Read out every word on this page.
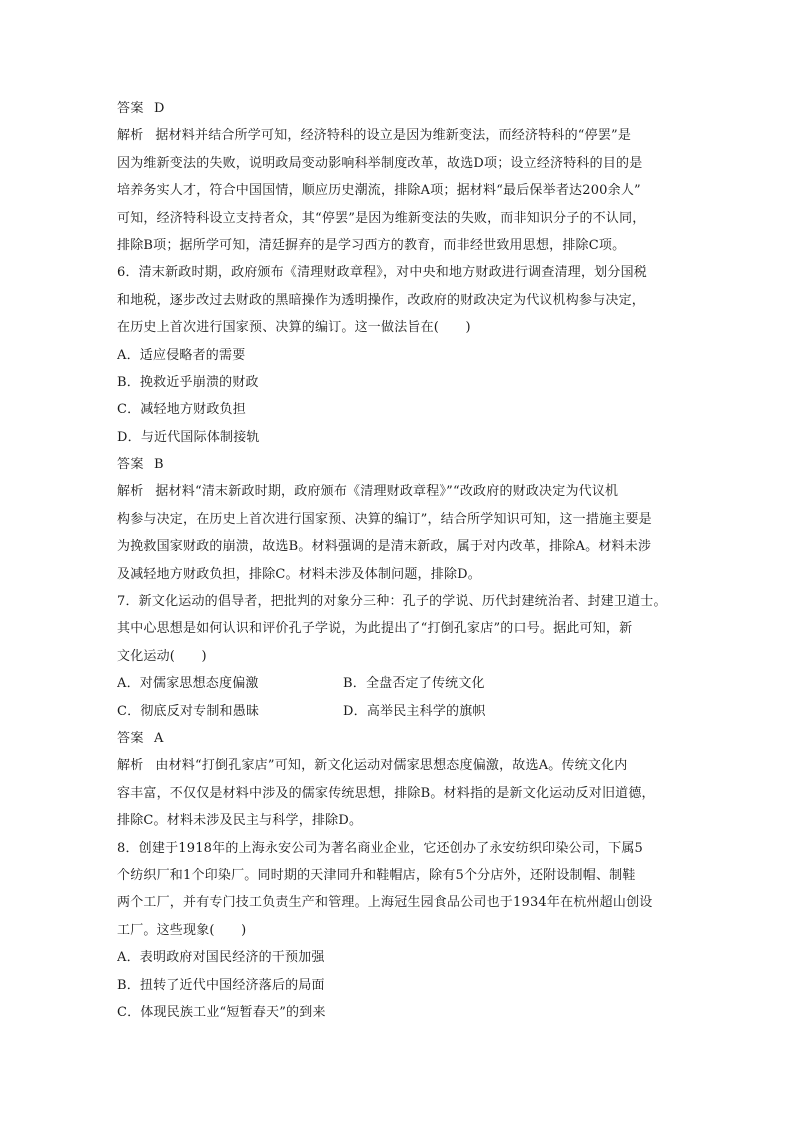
答案 D
解析 据材料并结合所学可知，经济特科的设立是因为维新变法，而经济特科的“停罢”是
因为维新变法的失败，说明政局变动影响科举制度改革，故选D项；设立经济特科的目的是
培养务实人才，符合中国国情，顺应历史潮流，排除A项；据材料“最后保举者达200余人”
可知，经济特科设立支持者众，其“停罢”是因为维新变法的失败，而非知识分子的不认同，
排除B项；据所学可知，清廷摒弃的是学习西方的教育，而非经世致用思想，排除C项。
6．清末新政时期，政府颁布《清理财政章程》，对中央和地方财政进行调查清理，划分国税
和地税，逐步改过去财政的黑暗操作为透明操作，改政府的财政决定为代议机构参与决定，
在历史上首次进行国家预、决算的编订。这一做法旨在(　　)
A．适应侵略者的需要
B．挽救近乎崩溃的财政
C．减轻地方财政负担
D．与近代国际体制接轨
答案 B
解析 据材料“清末新政时期，政府颁布《清理财政章程》”“改政府的财政决定为代议机
构参与决定，在历史上首次进行国家预、决算的编订”，结合所学知识可知，这一措施主要是
为挽救国家财政的崩溃，故选B。材料强调的是清末新政，属于对内改革，排除A。材料未涉
及减轻地方财政负担，排除C。材料未涉及体制问题，排除D。
7．新文化运动的倡导者，把批判的对象分三种：孔子的学说、历代封建统治者、封建卫道士。
其中心思想是如何认识和评价孔子学说，为此提出了“打倒孔家店”的口号。据此可知，新
文化运动(　　)
A．对儒家思想态度偏激	B．全盘否定了传统文化
C．彻底反对专制和愚昧	D．高举民主科学的旗帜
答案 A
解析 由材料“打倒孔家店”可知，新文化运动对儒家思想态度偏激，故选A。传统文化内
容丰富，不仅仅是材料中涉及的儒家传统思想，排除B。材料指的是新文化运动反对旧道德，
排除C。材料未涉及民主与科学，排除D。
8．创建于1918年的上海永安公司为著名商业企业，它还创办了永安纺织印染公司，下属5
个纺织厂和1个印染厂。同时期的天津同升和鞋帽店，除有5个分店外，还附设制帽、制鞋
两个工厂，并有专门技工负责生产和管理。上海冠生园食品公司也于1934年在杭州超山创设
工厂。这些现象(　　)
A．表明政府对国民经济的干预加强
B．扭转了近代中国经济落后的局面
C．体现民族工业“短暂春天”的到来
